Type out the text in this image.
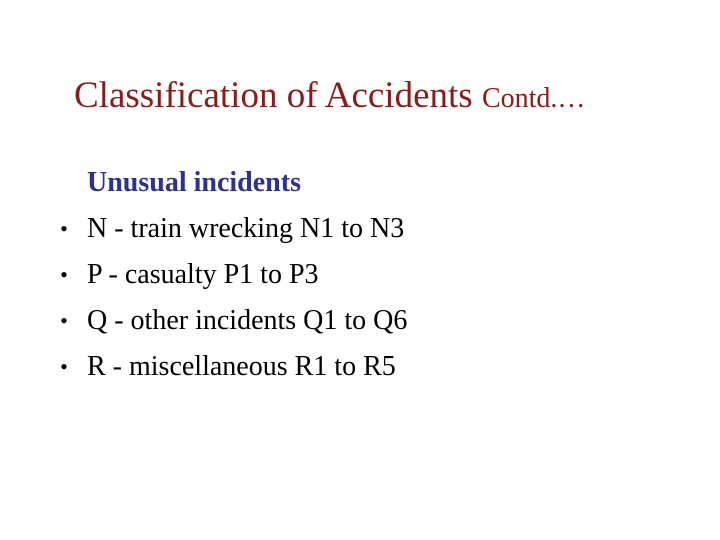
Classification of Accidents Contd.…
Unusual incidents
• N - train wrecking N1 to N3
• P - casualty P1 to P3
• Q - other incidents Q1 to Q6
• R - miscellaneous R1 to R5
